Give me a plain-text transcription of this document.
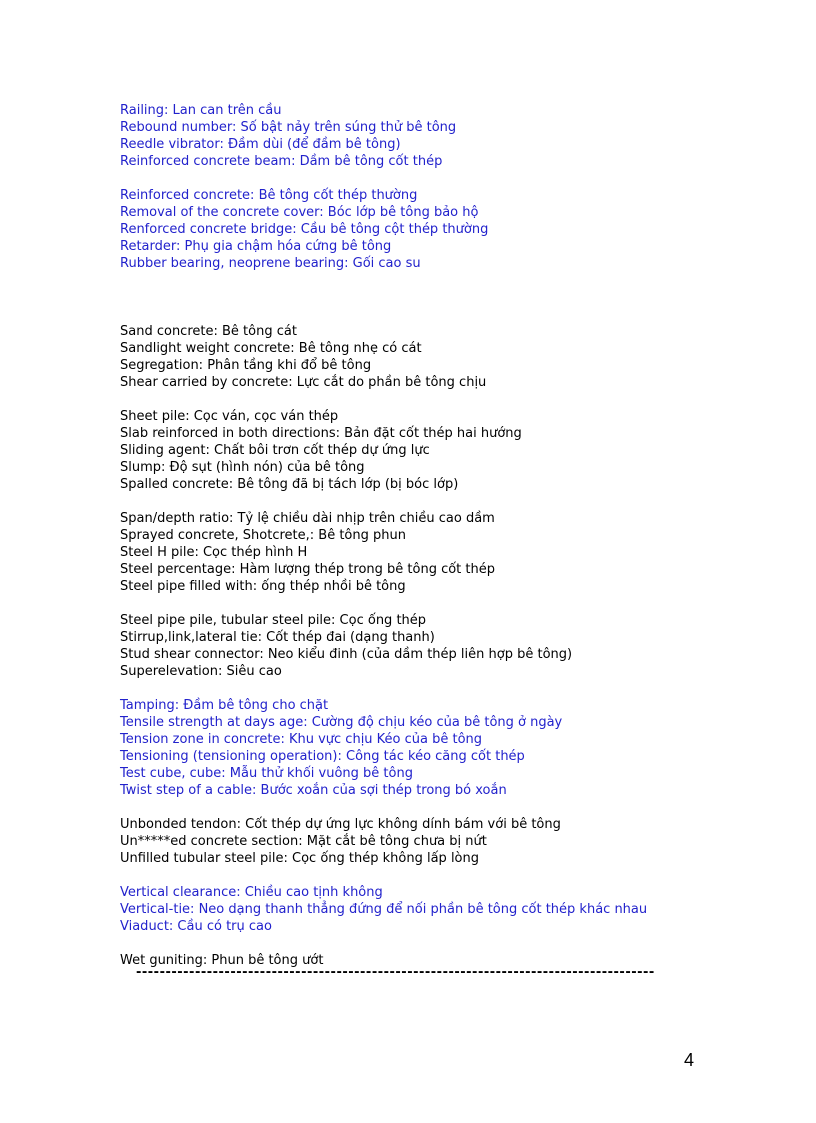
Railing: Lan can trên cầu
Rebound number: Số bật nảy trên súng thử bê tông
Reedle vibrator: Đầm dùi (để đầm bê tông)
Reinforced concrete beam: Dầm bê tông cốt thép
Reinforced concrete: Bê tông cốt thép thường
Removal of the concrete cover: Bóc lớp bê tông bảo hộ
Renforced concrete bridge: Cầu bê tông cột thép thường
Retarder: Phụ gia chậm hóa cứng bê tông
Rubber bearing, neoprene bearing: Gối cao su
Sand concrete: Bê tông cát
Sandlight weight concrete: Bê tông nhẹ có cát
Segregation: Phân tầng khi đổ bê tông
Shear carried by concrete: Lực cắt do phần bê tông chịu
Sheet pile: Cọc ván, cọc ván thép
Slab reinforced in both directions: Bản đặt cốt thép hai hướng
Sliding agent: Chất bôi trơn cốt thép dự ứng lực
Slump: Độ sụt (hình nón) của bê tông
Spalled concrete: Bê tông đã bị tách lớp (bị bóc lớp)
Span/depth ratio: Tỷ lệ chiều dài nhịp trên chiều cao dầm
Sprayed concrete, Shotcrete,: Bê tông phun
Steel H pile: Cọc thép hình H
Steel percentage: Hàm lượng thép trong bê tông cốt thép
Steel pipe filled with: ống thép nhồi bê tông
Steel pipe pile, tubular steel pile: Cọc ống thép
Stirrup,link,lateral tie: Cốt thép đai (dạng thanh)
Stud shear connector: Neo kiểu đinh (của dầm thép liên hợp bê tông)
Superelevation: Siêu cao
Tamping: Đầm bê tông cho chặt
Tensile strength at days age: Cường độ chịu kéo của bê tông ở ngày
Tension zone in concrete: Khu vực chịu Kéo của bê tông
Tensioning (tensioning operation): Công tác kéo căng cốt thép
Test cube, cube: Mẫu thử khối vuông bê tông
Twist step of a cable: Bước xoắn của sợi thép trong bó xoắn
Unbonded tendon: Cốt thép dự ứng lực không dính bám với bê tông
Un*****ed concrete section: Mặt cắt bê tông chưa bị nứt
Unfilled tubular steel pile: Cọc ống thép không lấp lòng
Vertical clearance: Chiều cao tịnh không
Vertical-tie: Neo dạng thanh thẳng đứng để nối phần bê tông cốt thép khác nhau
Viaduct: Cầu có trụ cao
Wet guniting: Phun bê tông ướt
----------------------------------------------------------------------------------------
4
